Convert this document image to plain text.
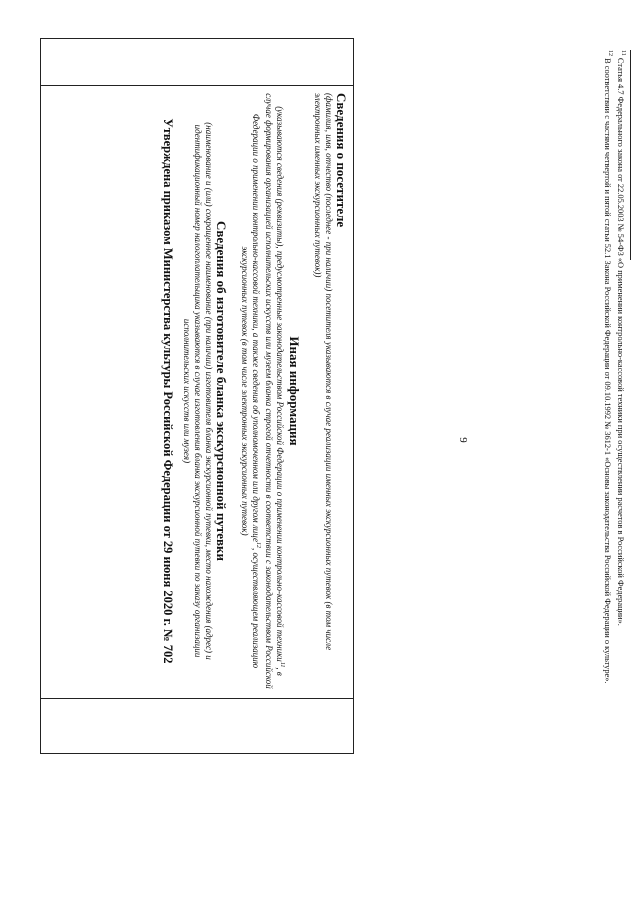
9

Сведения о посетителе

(фамилия, имя, отчество (последнее - при наличии) посетителя указываются в случае реализации именных экскурсионных путевок (в том числе электронных именных экскурсионных путевок))

Иная информация

(указываются сведения (реквизиты), предусмотренные законодательством Российской Федерации о применении контрольно-кассовой техники$^{11}$, в случае формирования организацией исполнительских искусств или музеем бланка строгой отчетности в соответствии с законодательством Российской Федерации о применении контрольно-кассовой техники, а также сведения об уполномоченном или другом лице$^{12}$, осуществляющем реализацию экскурсионных путевок (в том числе электронных экскурсионных путевок)

Сведения об изготовителе бланка экскурсионной путевки

(наименование и (или) сокращенное наименование (при наличии) изготовителя бланка экскурсионной путевки, место нахождения (адрес) и идентификационный номер налогоплательщика указываются в случае изготовления бланка экскурсионной путевки по заказу организации исполнительских искусств или музея)

Утверждена приказом Министерства культуры Российской Федерации от 29 июня 2020 г. № 702

$^{11}$ Статья 4.7 Федерального закона от 22.05.2003 № 54-ФЗ «О применении контрольно-кассовой техники при осуществлении расчетов в Российской Федерации».

$^{12}$ В соответствии с частями четвертой и пятой статьи 52.1 Закона Российской Федерации от 09.10.1992 № 3612-1 «Основы законодательства Российской Федерации о культуре».
